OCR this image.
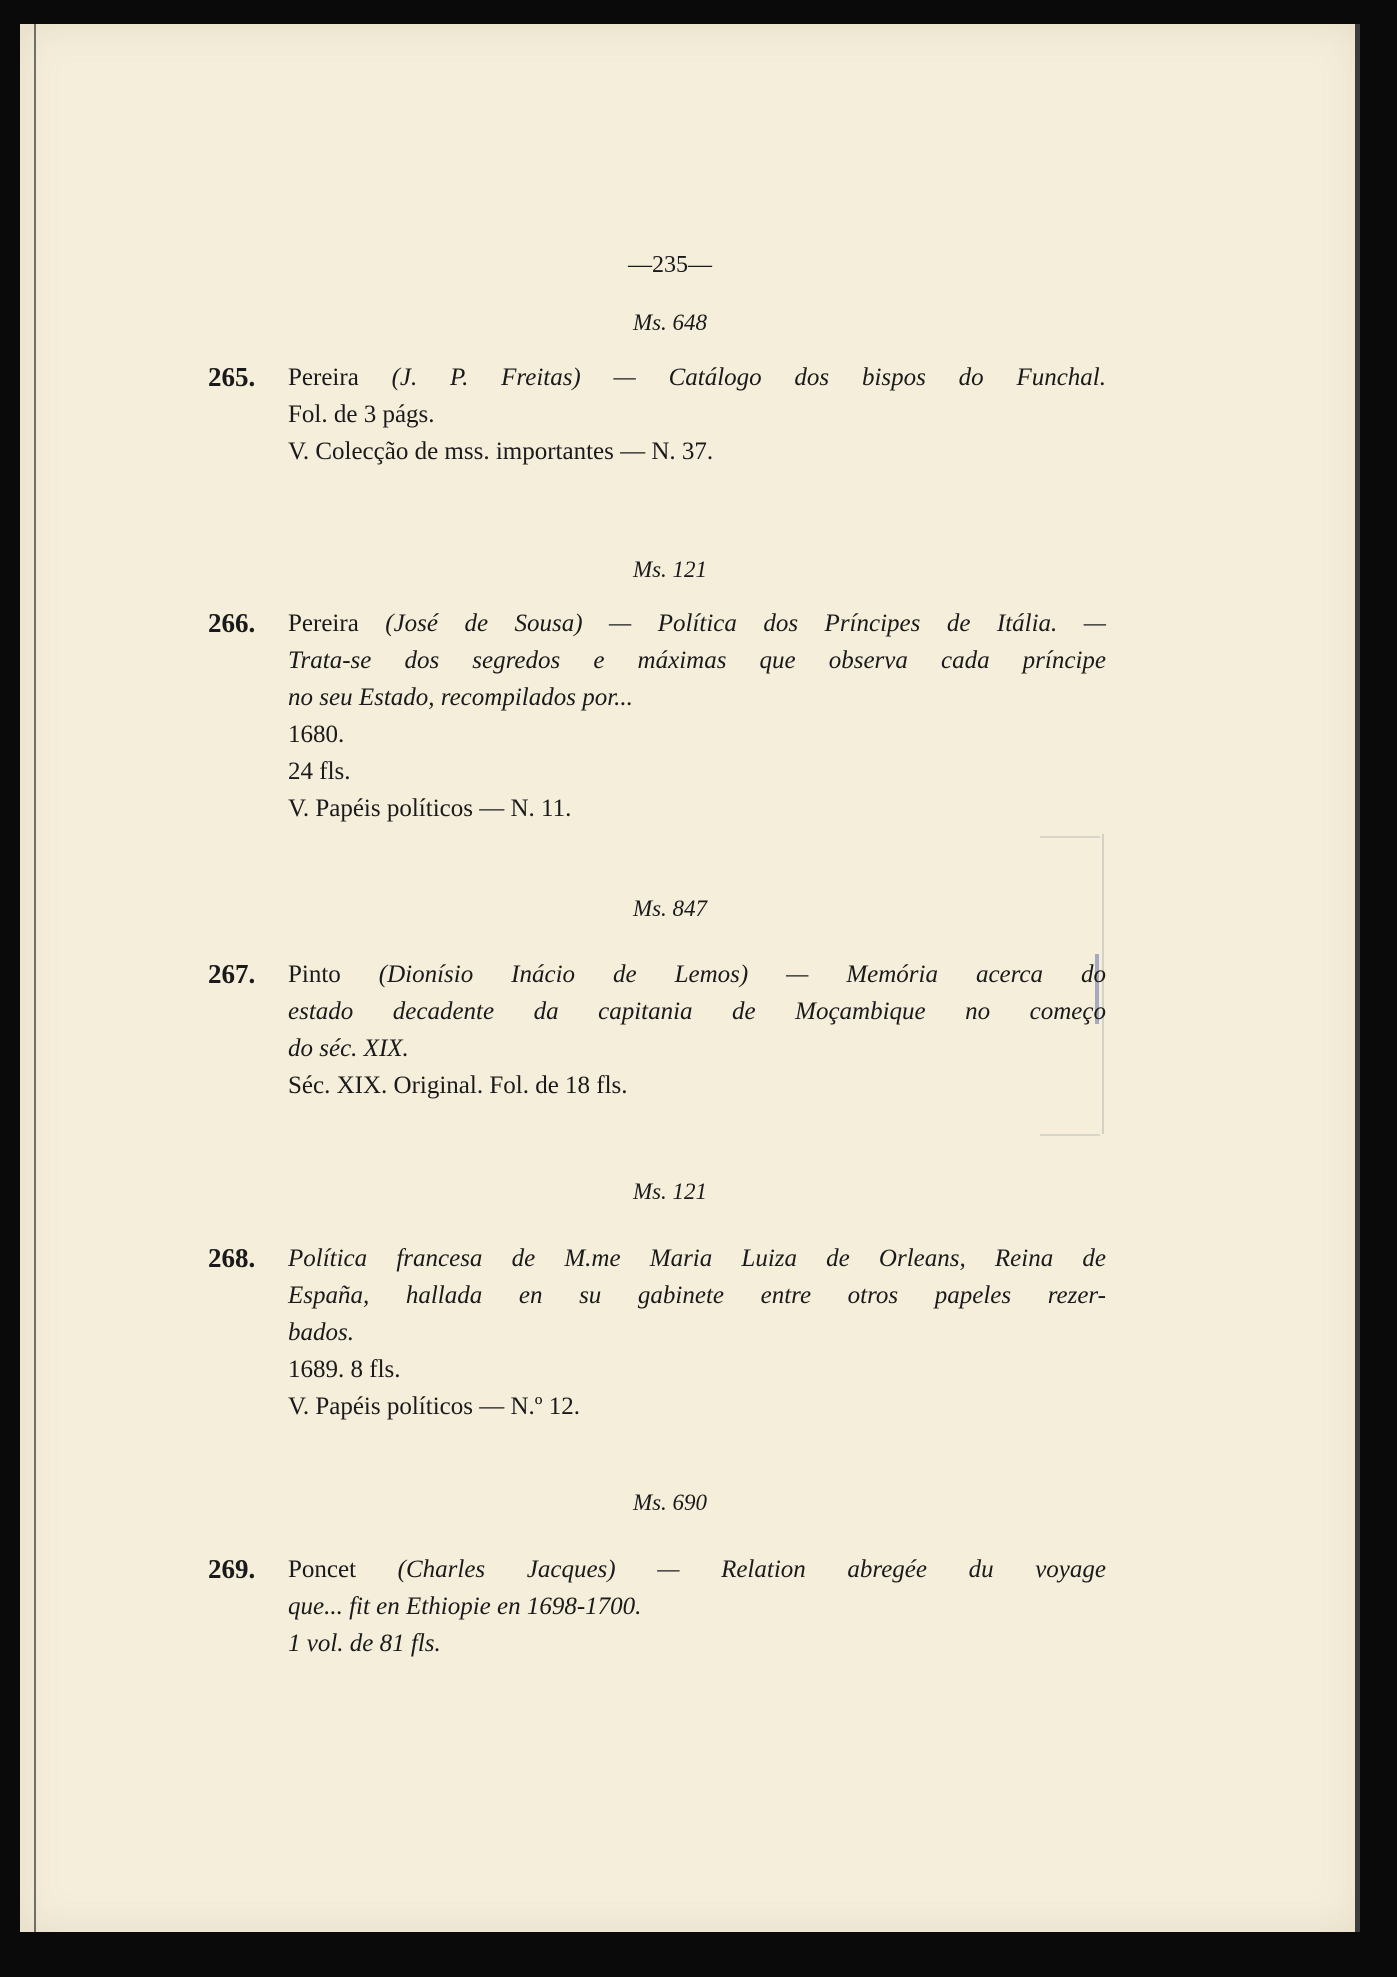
—235—
Ms. 648
265. Pereira (J. P. Freitas) — Catálogo dos bispos do Funchal.
Fol. de 3 págs.
V. Colecção de mss. importantes — N. 37.
Ms. 121
266. Pereira (José de Sousa) — Política dos Príncipes de Itália. —
Trata-se dos segredos e máximas que observa cada príncipe
no seu Estado, recompilados por...
1680.
24 fls.
V. Papéis políticos — N. 11.
Ms. 847
267. Pinto (Dionísio Inácio de Lemos) — Memória acerca do
estado decadente da capitania de Moçambique no começo
do séc. XIX.
Séc. XIX. Original. Fol. de 18 fls.
Ms. 121
268. Política francesa de M.me Maria Luiza de Orleans, Reina de
España, hallada en su gabinete entre otros papeles rezer-
bados.
1689. 8 fls.
V. Papéis políticos — N.º 12.
Ms. 690
269. Poncet (Charles Jacques) — Relation abregée du voyage
que... fit en Ethiopie en 1698-1700.
1 vol. de 81 fls.
